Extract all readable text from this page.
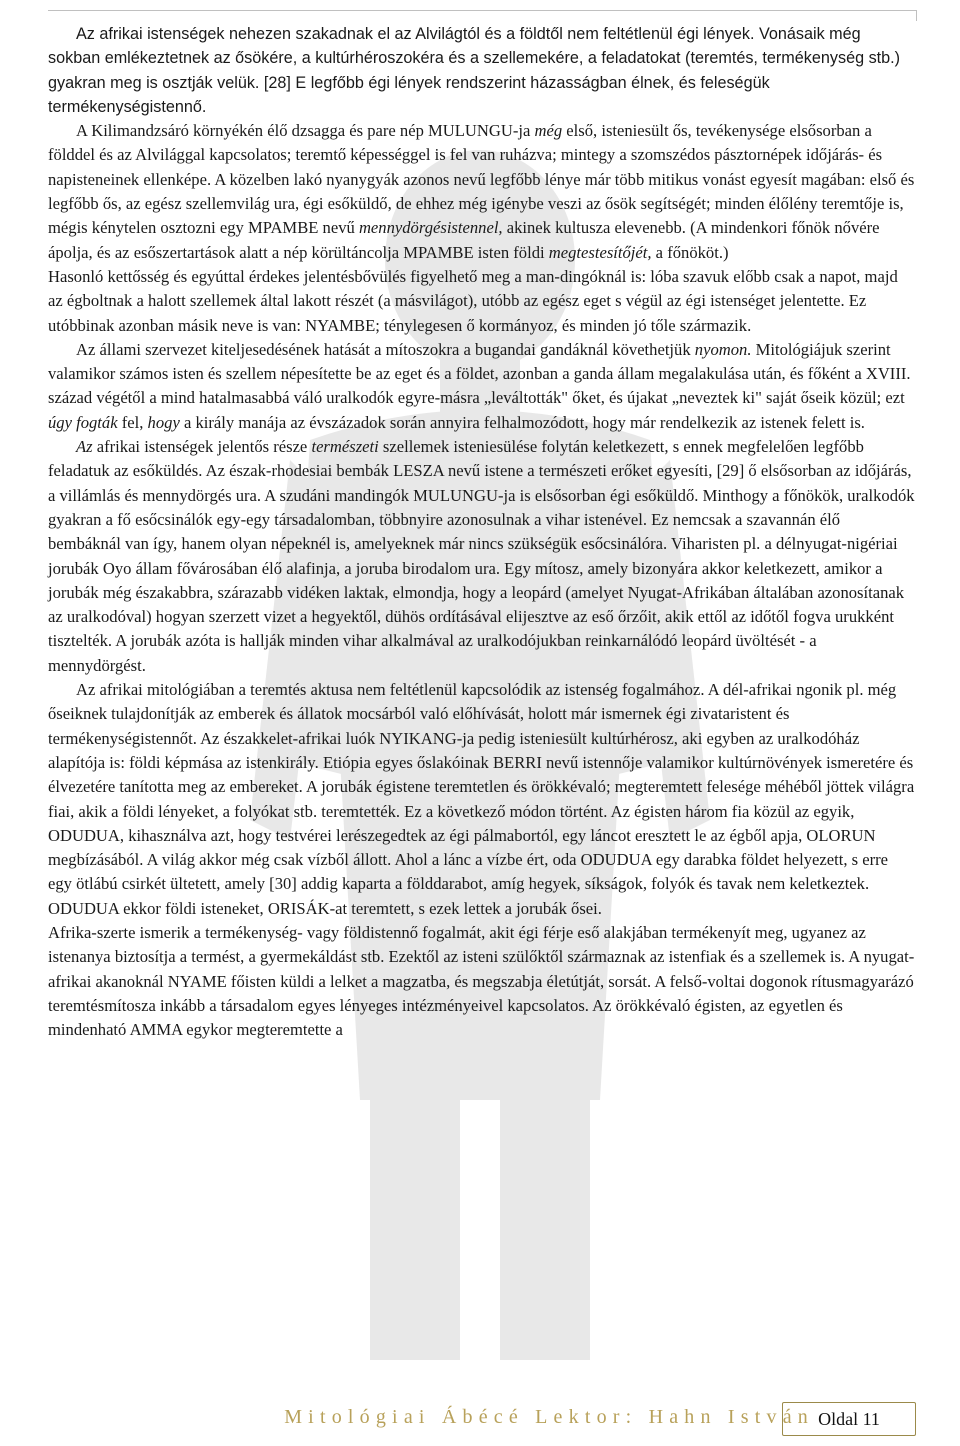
Az afrikai istenségek nehezen szakadnak el az Alvilágtól és a földtől nem feltétlenül égi lények. Vonásaik még sokban emlékeztetnek az ősökére, a kultúrhéroszokéra és a szellemekére, a feladatokat (teremtés, termékenység stb.) gyakran meg is osztják velük. [28] E legfőbb égi lények rendszerint házasságban élnek, és feleségük termékenységistennő.

A Kilimandzsáró környékén élő dzsagga és pare nép MULUNGU-ja még első, isteniesült ős, tevékenysége elsősorban a földdel és az Alvilággal kapcsolatos; teremtő képességgel is fel van ruházva; mintegy a szomszédos pásztornépek időjárás- és napisteneinek ellenképe. A közelben lakó nyanygyák azonos nevű legfőbb lénye már több mitikus vonást egyesít magában: első és legfőbb ős, az egész szellemvilág ura, égi esőküldő, de ehhez még igénybe veszi az ősök segítségét; minden élőlény teremtője is, mégis kénytelen osztozni egy MPAMBE nevű mennydörgésistennel, akinek kultusza elevenebb. (A mindenkori főnök nővére ápolja, és az esőszertartások alatt a nép körültáncolja MPAMBE isten földi megtestesítőjét, a főnököt.)

Hasonló kettősség és egyúttal érdekes jelentésbővülés figyelhető meg a man-dingóknál is: lóba szavuk előbb csak a napot, majd az égboltnak a halott szellemek által lakott részét (a másvilágot), utóbb az egész eget s végül az égi istenséget jelentette. Ez utóbbinak azonban másik neve is van: NYAMBE; ténylegesen ő kormányoz, és minden jó tőle származik.

Az állami szervezet kiteljesedésének hatását a mítoszokra a bugandai gandáknál követhetjük nyomon. Mitológiájuk szerint valamikor számos isten és szellem népesítette be az eget és a földet, azonban a ganda állam megalakulása után, és főként a XVIII. század végétől a mind hatalmasabbá váló uralkodók egyre-másra „leváltották" őket, és újakat „neveztek ki" saját őseik közül; ezt úgy fogták fel, hogy a király manája az évszázadok során annyira felhalmozódott, hogy már rendelkezik az istenek felett is.

Az afrikai istenségek jelentős része természeti szellemek isteniesülése folytán keletkezett, s ennek megfelelően legfőbb feladatuk az esőküldés. Az észak-rhodesiai bembák LESZA nevű istene a természeti erőket egyesíti, [29] ő elsősorban az időjárás, a villámlás és mennydörgés ura. A szudáni mandingók MULUNGU-ja is elsősorban égi esőküldő. Minthogy a főnökök, uralkodók gyakran a fő esőcsinálók egy-egy társadalomban, többnyire azonosulnak a vihar istenével. Ez nemcsak a szavannán élő bembáknál van így, hanem olyan népeknél is, amelyeknek már nincs szükségük esőcsinálóra. Viharisten pl. a délnyugat-nigériai jorubák Oyo állam fővárosában élő alafinja, a joruba birodalom ura. Egy mítosz, amely bizonyára akkor keletkezett, amikor a jorubák még északabbra, szárazabb vidéken laktak, elmondja, hogy a leopárd (amelyet Nyugat-Afrikában általában azonosítanak az uralkodóval) hogyan szerzett vizet a hegyektől, dühös ordításával elijesztve az eső őrzőit, akik ettől az időtől fogva urukként tisztelték. A jorubák azóta is hallják minden vihar alkalmával az uralkodójukban reinkarnálódó leopárd üvöltését - a mennydörgést.

Az afrikai mitológiában a teremtés aktusa nem feltétlenül kapcsolódik az istenség fogalmához. A dél-afrikai ngonik pl. még őseiknek tulajdonítják az emberek és állatok mocsárból való előhívását, holott már ismernek égi zivataristent és termékenységistennőt. Az északkelet-afrikai luók NYIKANG-ja pedig isteniesült kultúrhérosz, aki egyben az uralkodóház alapítója is: földi képmása az istenkirály. Etiópia egyes őslakóinak BERRI nevű istennője valamikor kultúrnövények ismeretére és élvezetére tanította meg az embereket. A jorubák égistene teremtetlen és örökkévaló; megteremtett felesége méhéből jöttek világra fiai, akik a földi lényeket, a folyókat stb. teremtették. Ez a következő módon történt. Az égisten három fia közül az egyik, ODUDUA, kihasználva azt, hogy testvérei lerészegedtek az égi pálmabortól, egy láncot eresztett le az égből apja, OLORUN megbízásából. A világ akkor még csak vízből állott. Ahol a lánc a vízbe ért, oda ODUDUA egy darabka földet helyezett, s erre egy ötlábú csirkét ültetett, amely [30] addig kaparta a földdarabot, amíg hegyek, síkságok, folyók és tavak nem keletkeztek. ODUDUA ekkor földi isteneket, ORISÁK-at teremtett, s ezek lettek a jorubák ősei.

Afrika-szerte ismerik a termékenység- vagy földistennő fogalmát, akit égi férje eső alakjában termékenyít meg, ugyanez az istenanya biztosítja a termést, a gyermekáldást stb. Ezektől az isteni szülőktől származnak az istenfiak és a szellemek is. A nyugat-afrikai akanoknál NYAME főisten küldi a lelket a magzatba, és megszabja életútját, sorsát. A felső-voltai dogonok rítusmagyarázó teremtésmítosza inkább a társadalom egyes lényeges intézményeivel kapcsolatos. Az örökkévaló égisten, az egyetlen és mindenható AMMA egykor megteremtette a

Mitológiai Ábécé Lektor: Hahn István Oldal 11
